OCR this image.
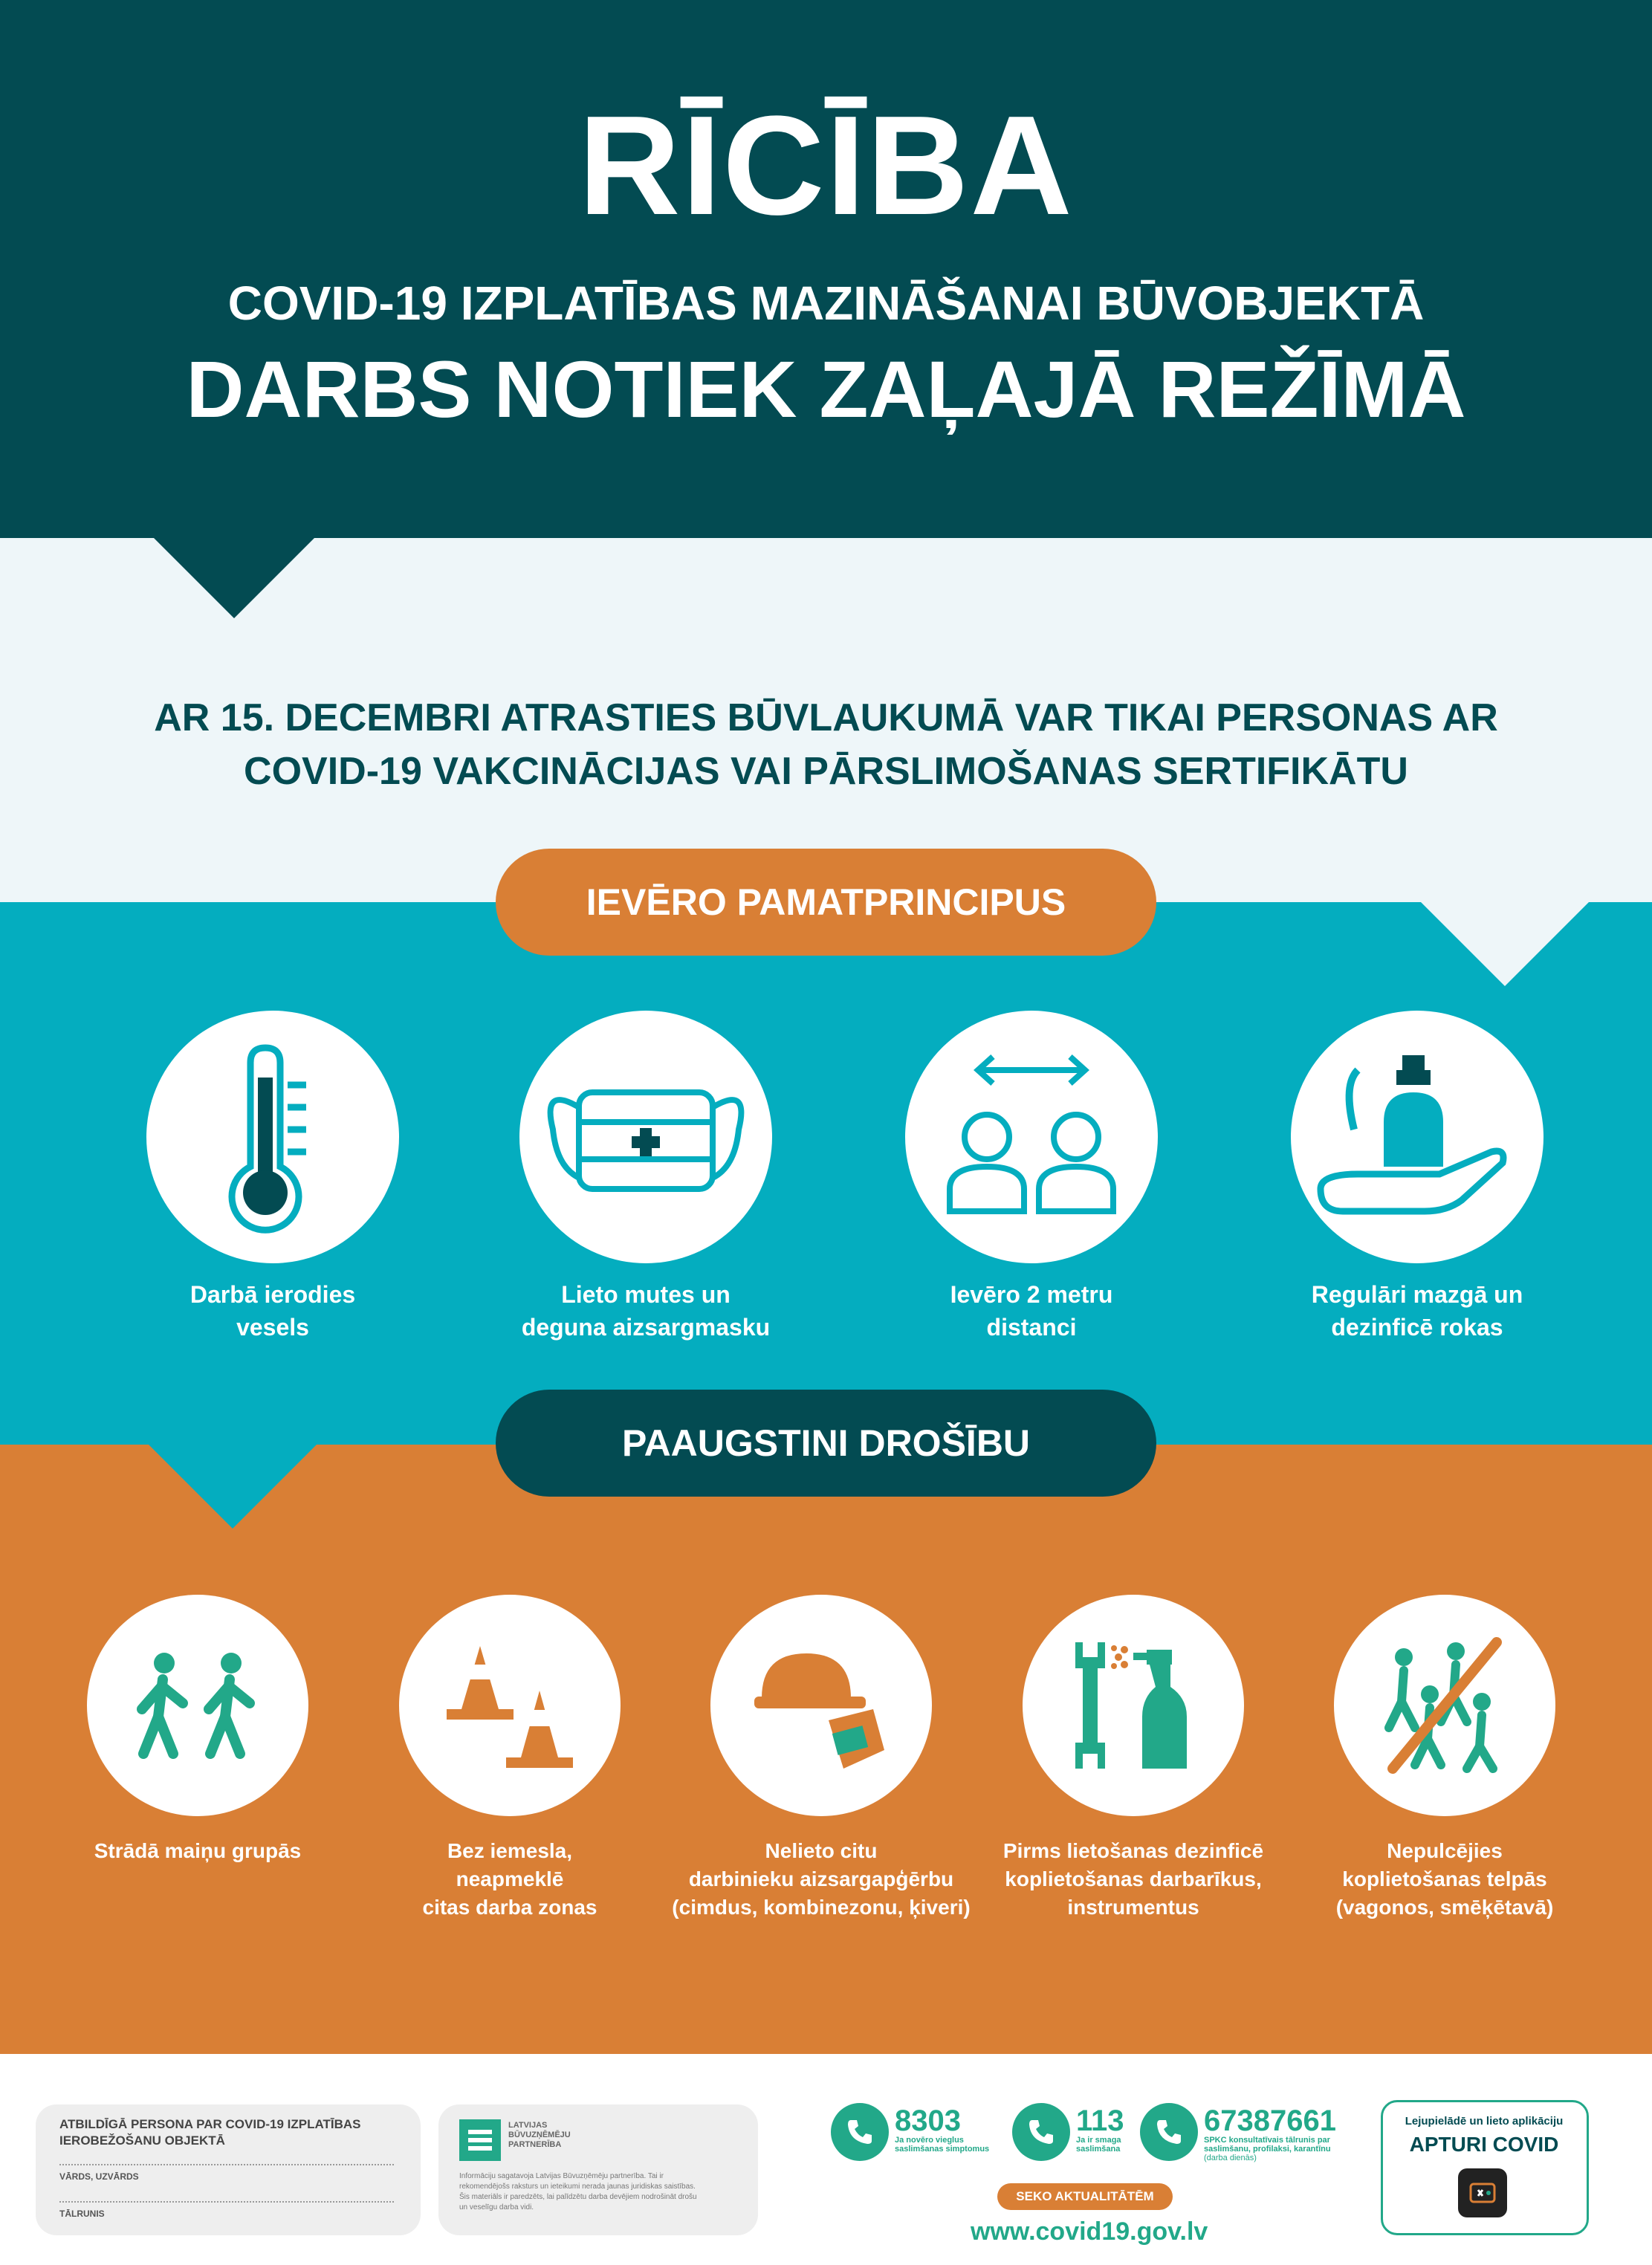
RĪCĪBA
COVID-19 IZPLATĪBAS MAZINĀŠANAI BŪVOBJEKTĀ
DARBS NOTIEK ZAĻAJĀ REŽĪMĀ
AR 15. DECEMBRI ATRASTIES BŪVLAUKUMĀ VAR TIKAI PERSONAS AR
COVID-19 VAKCINĀCIJAS VAI PĀRSLIMOŠANAS SERTIFIKĀTU
IEVĒRO PAMATPRINCIPUS
Darbā ierodies
vesels
Lieto mutes un
deguna aizsargmasku
Ievēro 2 metru
distanci
Regulāri mazgā un
dezinficē rokas
PAAUGSTINI DROŠĪBU
Strādā maiņu grupās	Bez iemesla,
neapmeklē
citas darba zonas
Nelieto citu
darbinieku aizsargapģērbu
(cimdus, kombinezonu, ķiveri)
Pirms lietošanas dezinficē
koplietošanas darbarīkus,
instrumentus
Nepulcējies
koplietošanas telpās
(vagonos, smēķētavā)
ATBILDĪGĀ PERSONA PAR COVID-19 IZPLATĪBAS
IEROBEŽOŠANU OBJEKTĀ
VĀRDS, UZVĀRDS
TĀLRUNIS
LATVIJAS
BŪVUZŅĒMĒJU
PARTNERĪBA
Informāciju sagatavoja Latvijas Būvuzņēmēju partnerība. Tai ir
rekomendējošs raksturs un ieteikumi nerada jaunas juridiskas saistības.
Šis materiāls ir paredzēts, lai palīdzētu darba devējiem nodrošināt drošu
un veselīgu darba vidi.
8303
Ja novēro vieglus
saslimšanas simptomus
113
Ja ir smaga
saslimšana
67387661
SPKC konsultatīvais tālrunis par
saslimšanu, profilaksi, karantīnu
(darba dienās)
SEKO AKTUALITĀTĒM
www.covid19.gov.lv
Lejupielādē un lieto aplikāciju
APTURI COVID
